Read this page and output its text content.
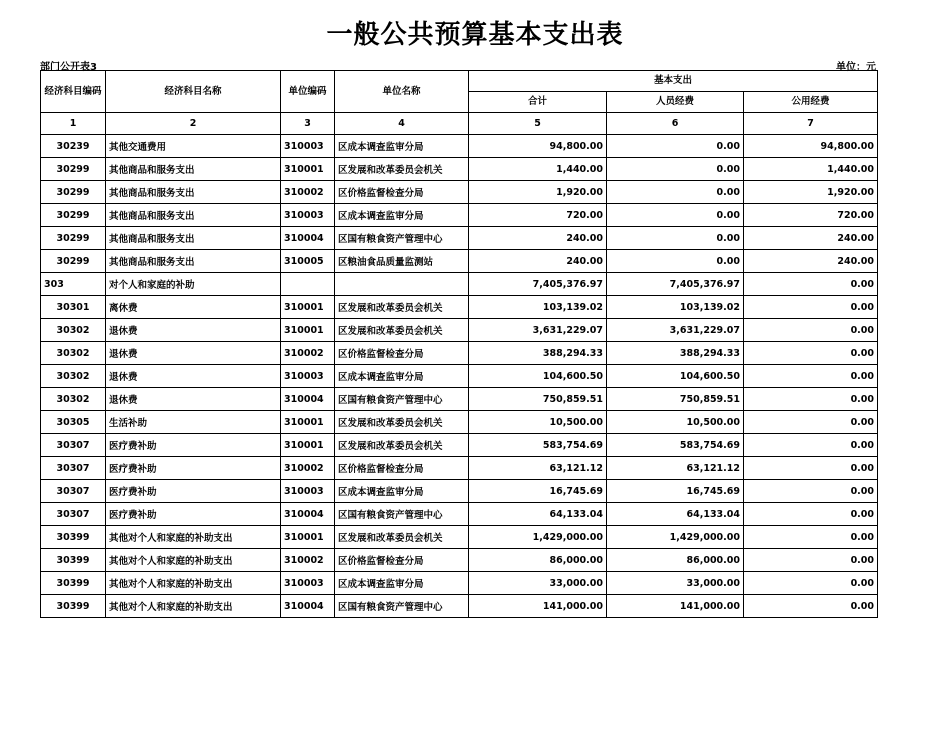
一般公共预算基本支出表
部门公开表3	单位：元
经济科目编码	经济科目名称	单位编码	单位名称	基本支出		
				合计	人员经费	公用经费
1	2	3	4	5	6	7
30239	其他交通费用	310003	区成本调查监审分局	94,800.00	0.00	94,800.00
30299	其他商品和服务支出	310001	区发展和改革委员会机关	1,440.00	0.00	1,440.00
30299	其他商品和服务支出	310002	区价格监督检查分局	1,920.00	0.00	1,920.00
30299	其他商品和服务支出	310003	区成本调查监审分局	720.00	0.00	720.00
30299	其他商品和服务支出	310004	区国有粮食资产管理中心	240.00	0.00	240.00
30299	其他商品和服务支出	310005	区粮油食品质量监测站	240.00	0.00	240.00
303	对个人和家庭的补助			7,405,376.97	7,405,376.97	0.00
30301	离休费	310001	区发展和改革委员会机关	103,139.02	103,139.02	0.00
30302	退休费	310001	区发展和改革委员会机关	3,631,229.07	3,631,229.07	0.00
30302	退休费	310002	区价格监督检查分局	388,294.33	388,294.33	0.00
30302	退休费	310003	区成本调查监审分局	104,600.50	104,600.50	0.00
30302	退休费	310004	区国有粮食资产管理中心	750,859.51	750,859.51	0.00
30305	生活补助	310001	区发展和改革委员会机关	10,500.00	10,500.00	0.00
30307	医疗费补助	310001	区发展和改革委员会机关	583,754.69	583,754.69	0.00
30307	医疗费补助	310002	区价格监督检查分局	63,121.12	63,121.12	0.00
30307	医疗费补助	310003	区成本调查监审分局	16,745.69	16,745.69	0.00
30307	医疗费补助	310004	区国有粮食资产管理中心	64,133.04	64,133.04	0.00
30399	其他对个人和家庭的补助支出	310001	区发展和改革委员会机关	1,429,000.00	1,429,000.00	0.00
30399	其他对个人和家庭的补助支出	310002	区价格监督检查分局	86,000.00	86,000.00	0.00
30399	其他对个人和家庭的补助支出	310003	区成本调查监审分局	33,000.00	33,000.00	0.00
30399	其他对个人和家庭的补助支出	310004	区国有粮食资产管理中心	141,000.00	141,000.00	0.00
